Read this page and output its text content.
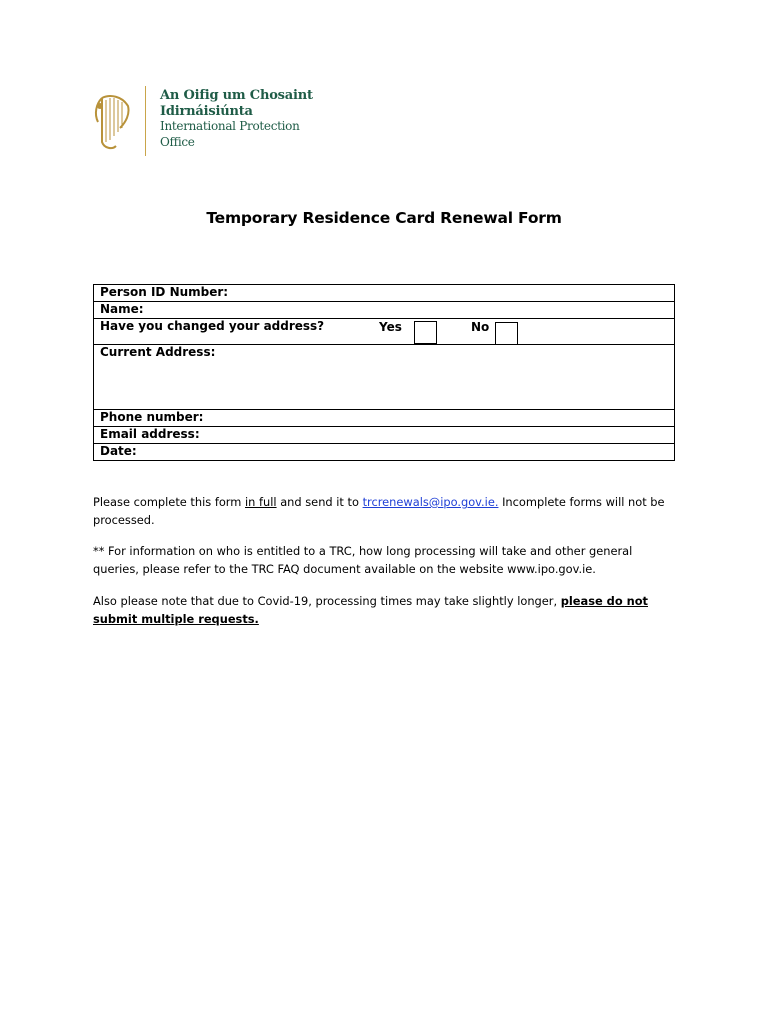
An Oifig um Chosaint
Idirnáisiúnta
International Protection
Office
Temporary Residence Card Renewal Form
Person ID Number:
Name:
Have you changed your address?	Yes	No

Current Address:
Phone number:
Email address:
Date:
Please complete this form in full and send it to trcrenewals@ipo.gov.ie. Incomplete forms will not be processed.
** For information on who is entitled to a TRC, how long processing will take and other general queries, please refer to the TRC FAQ document available on the website www.ipo.gov.ie.
Also please note that due to Covid-19, processing times may take slightly longer, please do not submit multiple requests.
